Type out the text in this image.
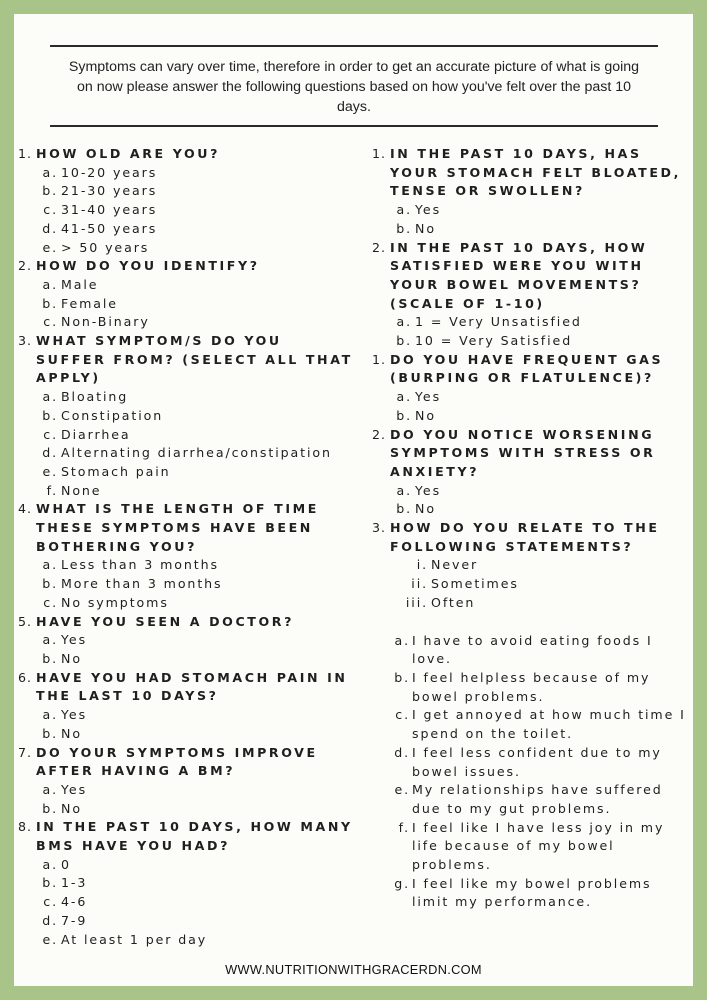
Symptoms can vary over time, therefore in order to get an accurate picture of what is going on now please answer the following questions based on how you've felt over the past 10 days.
1. HOW OLD ARE YOU?
a. 10-20 years
b. 21-30 years
c. 31-40 years
d. 41-50 years
e. > 50 years
2. HOW DO YOU IDENTIFY?
a. Male
b. Female
c. Non-Binary
3. WHAT SYMPTOM/S DO YOU SUFFER FROM? (SELECT ALL THAT APPLY)
a. Bloating
b. Constipation
c. Diarrhea
d. Alternating diarrhea/constipation
e. Stomach pain
f. None
4. WHAT IS THE LENGTH OF TIME THESE SYMPTOMS HAVE BEEN BOTHERING YOU?
a. Less than 3 months
b. More than 3 months
c. No symptoms
5. HAVE YOU SEEN A DOCTOR?
a. Yes
b. No
6. HAVE YOU HAD STOMACH PAIN IN THE LAST 10 DAYS?
a. Yes
b. No
7. DO YOUR SYMPTOMS IMPROVE AFTER HAVING A BM?
a. Yes
b. No
8. IN THE PAST 10 DAYS, HOW MANY BMS HAVE YOU HAD?
a. 0
b. 1-3
c. 4-6
d. 7-9
e. At least 1 per day
1. IN THE PAST 10 DAYS, HAS YOUR STOMACH FELT BLOATED, TENSE OR SWOLLEN?
a. Yes
b. No
2. IN THE PAST 10 DAYS, HOW SATISFIED WERE YOU WITH YOUR BOWEL MOVEMENTS? (SCALE OF 1-10)
a. 1 = Very Unsatisfied
b. 10 = Very Satisfied
1. DO YOU HAVE FREQUENT GAS (BURPING OR FLATULENCE)?
a. Yes
b. No
2. DO YOU NOTICE WORSENING SYMPTOMS WITH STRESS OR ANXIETY?
a. Yes
b. No
3. HOW DO YOU RELATE TO THE FOLLOWING STATEMENTS?
i. Never
ii. Sometimes
iii. Often
a. I have to avoid eating foods I love.
b. I feel helpless because of my bowel problems.
c. I get annoyed at how much time I spend on the toilet.
d. I feel less confident due to my bowel issues.
e. My relationships have suffered due to my gut problems.
f. I feel like I have less joy in my life because of my bowel problems.
g. I feel like my bowel problems limit my performance.
WWW.NUTRITIONWITHGRACERDN.COM
